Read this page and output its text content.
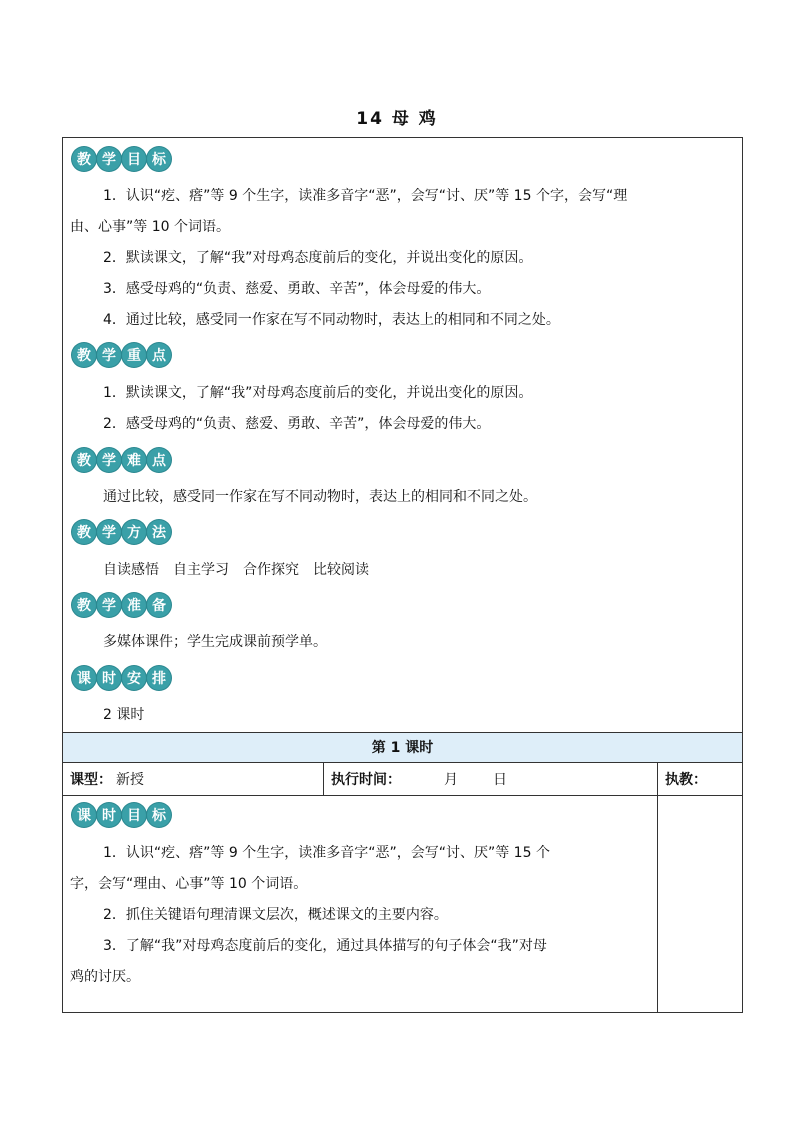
14 母 鸡
教 学 目 标
1．认识“疙、瘩”等 9 个生字，读准多音字“恶”，会写“讨、厌”等 15 个字，会写“理
由、心事”等 10 个词语。
2．默读课文，了解“我”对母鸡态度前后的变化，并说出变化的原因。
3．感受母鸡的“负责、慈爱、勇敢、辛苦”，体会母爱的伟大。
4．通过比较，感受同一作家在写不同动物时，表达上的相同和不同之处。
教 学 重 点
1．默读课文，了解“我”对母鸡态度前后的变化，并说出变化的原因。
2．感受母鸡的“负责、慈爱、勇敢、辛苦”，体会母爱的伟大。
教 学 难 点
通过比较，感受同一作家在写不同动物时，表达上的相同和不同之处。
教 学 方 法
自读感悟　自主学习　合作探究　比较阅读
教 学 准 备
多媒体课件；学生完成课前预学单。
课 时 安 排
2 课时
第 1 课时
课型： 新授	执行时间：	月	日	执教：
课 时 目 标
1．认识“疙、瘩”等 9 个生字，读准多音字“恶”，会写“讨、厌”等 15 个
字，会写“理由、心事”等 10 个词语。
2．抓住关键语句理清课文层次，概述课文的主要内容。
3．了解“我”对母鸡态度前后的变化，通过具体描写的句子体会“我”对母
鸡的讨厌。
